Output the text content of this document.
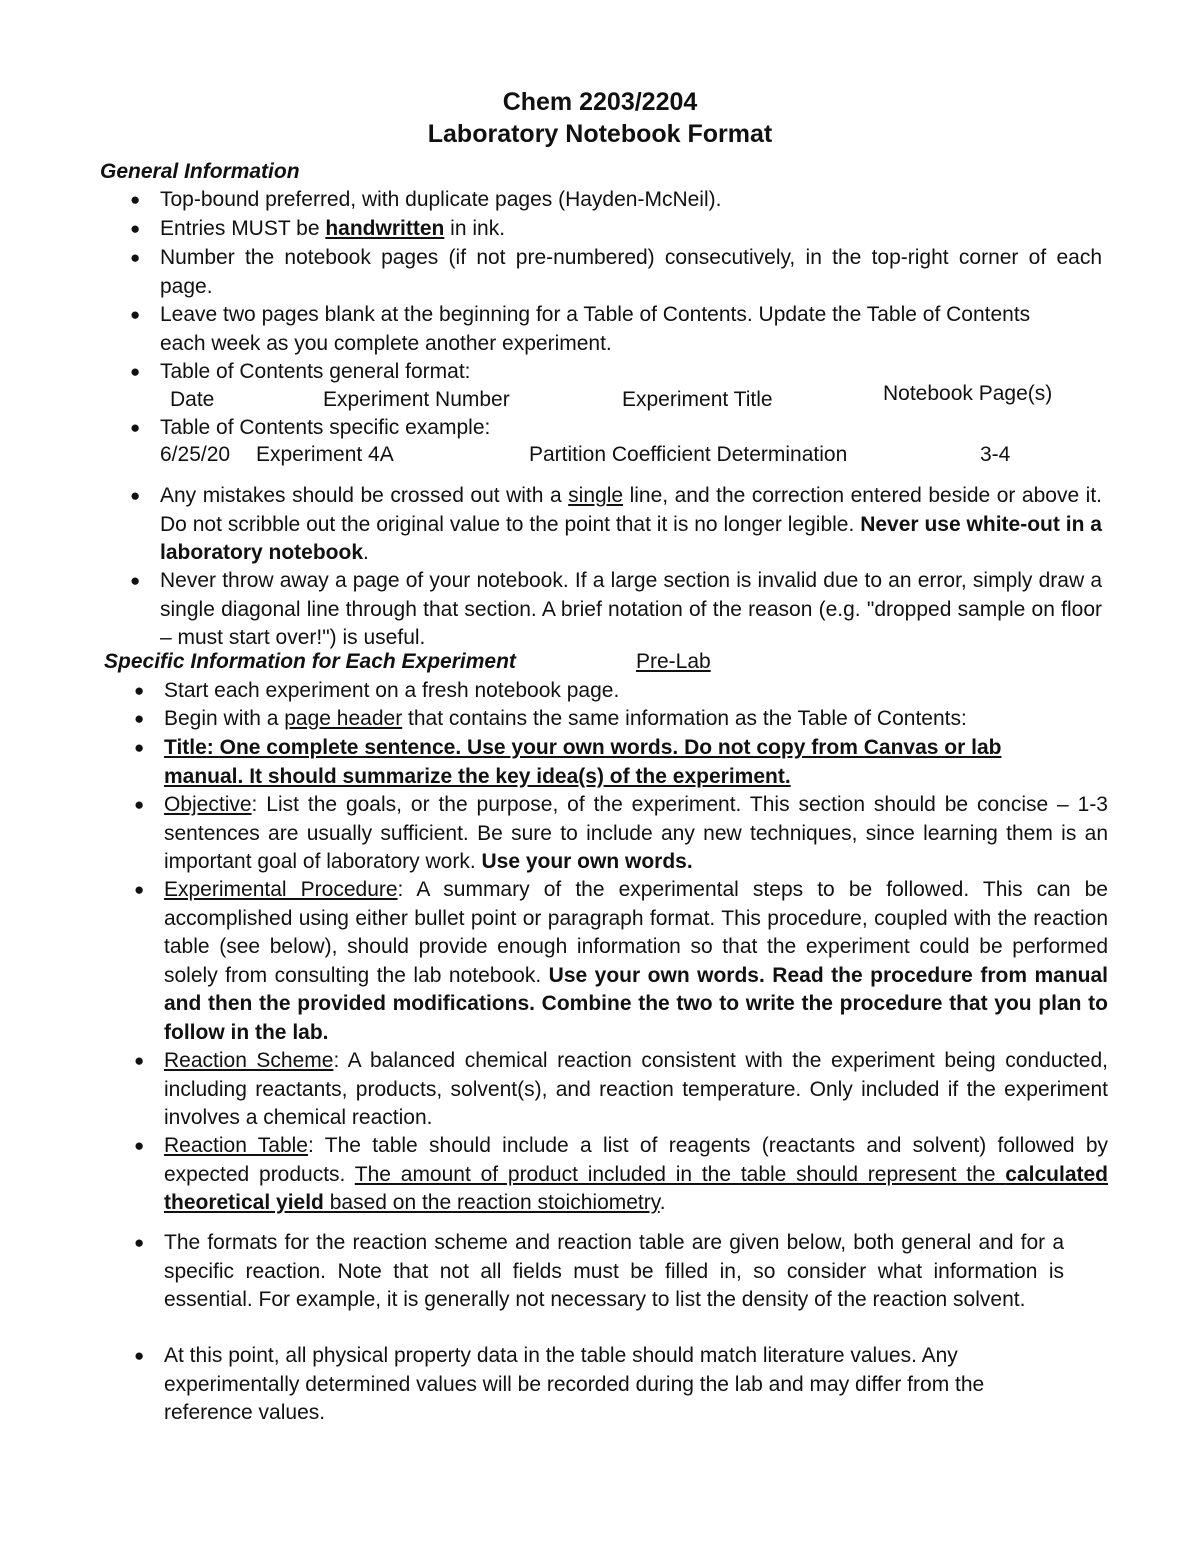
Chem 2203/2204
Laboratory Notebook Format
General Information
● Top-bound preferred, with duplicate pages (Hayden-McNeil).
● Entries MUST be handwritten in ink.
● Number the notebook pages (if not pre-numbered) consecutively, in the top-right corner of each page.
● Leave two pages blank at the beginning for a Table of Contents. Update the Table of Contents each week as you complete another experiment.
● Table of Contents general format:
Date	Experiment Number	Experiment Title	Notebook Page(s)
● Table of Contents specific example:
6/25/20 Experiment 4A	Partition Coefficient Determination	3-4
● Any mistakes should be crossed out with a single line, and the correction entered beside or above it. Do not scribble out the original value to the point that it is no longer legible. Never use white-out in a laboratory notebook.
● Never throw away a page of your notebook. If a large section is invalid due to an error, simply draw a single diagonal line through that section. A brief notation of the reason (e.g. "dropped sample on floor – must start over!") is useful.
Specific Information for Each Experiment	Pre-Lab
● Start each experiment on a fresh notebook page.
● Begin with a page header that contains the same information as the Table of Contents:
● Title: One complete sentence. Use your own words. Do not copy from Canvas or lab manual. It should summarize the key idea(s) of the experiment.
● Objective: List the goals, or the purpose, of the experiment. This section should be concise – 1-3 sentences are usually sufficient. Be sure to include any new techniques, since learning them is an important goal of laboratory work. Use your own words.
● Experimental Procedure: A summary of the experimental steps to be followed. This can be accomplished using either bullet point or paragraph format. This procedure, coupled with the reaction table (see below), should provide enough information so that the experiment could be performed solely from consulting the lab notebook. Use your own words. Read the procedure from manual and then the provided modifications. Combine the two to write the procedure that you plan to follow in the lab.
● Reaction Scheme: A balanced chemical reaction consistent with the experiment being conducted, including reactants, products, solvent(s), and reaction temperature. Only included if the experiment involves a chemical reaction.
● Reaction Table: The table should include a list of reagents (reactants and solvent) followed by expected products. The amount of product included in the table should represent the calculated theoretical yield based on the reaction stoichiometry.
● The formats for the reaction scheme and reaction table are given below, both general and for a specific reaction. Note that not all fields must be filled in, so consider what information is essential. For example, it is generally not necessary to list the density of the reaction solvent.
● At this point, all physical property data in the table should match literature values. Any experimentally determined values will be recorded during the lab and may differ from the reference values.
